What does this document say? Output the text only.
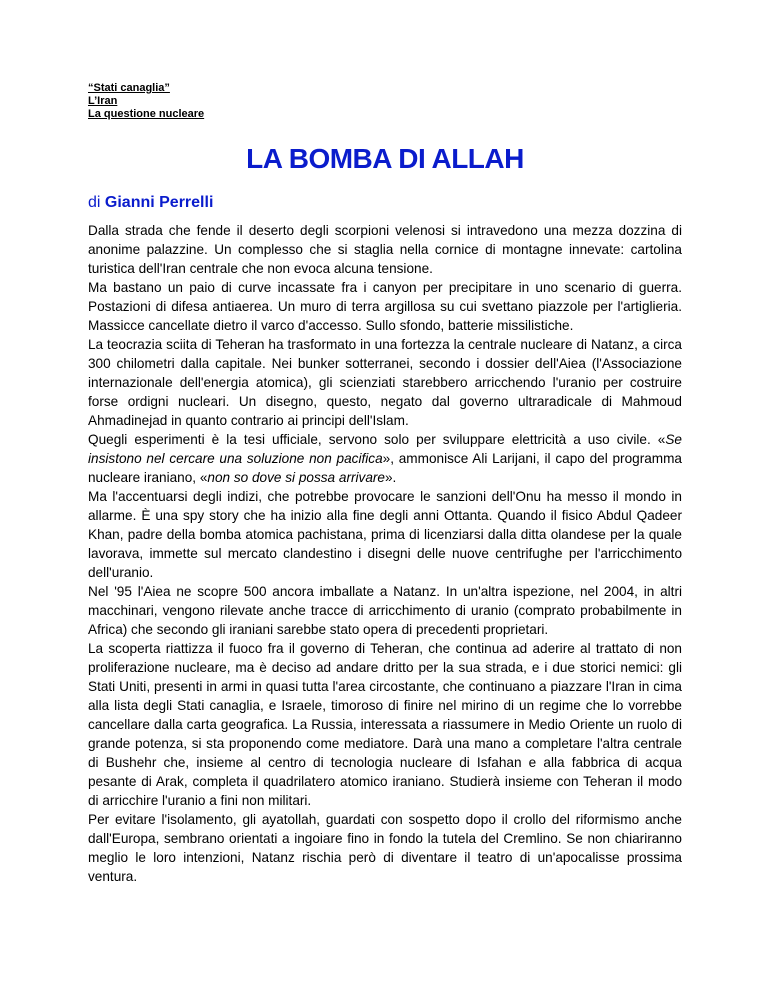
“Stati canaglia”
L’Iran
La questione nucleare
LA BOMBA DI ALLAH
di Gianni Perrelli

Dalla strada che fende il deserto degli scorpioni velenosi si intravedono una mezza dozzina di anonime palazzine. Un complesso che si staglia nella cornice di montagne innevate: cartolina turistica dell'Iran centrale che non evoca alcuna tensione.

Ma bastano un paio di curve incassate fra i canyon per precipitare in uno scenario di guerra. Postazioni di difesa antiaerea. Un muro di terra argillosa su cui svettano piazzole per l'artiglieria. Massicce cancellate dietro il varco d'accesso. Sullo sfondo, batterie missilistiche.

La teocrazia sciita di Teheran ha trasformato in una fortezza la centrale nucleare di Natanz, a circa 300 chilometri dalla capitale. Nei bunker sotterranei, secondo i dossier dell'Aiea (l'Associazione internazionale dell'energia atomica), gli scienziati starebbero arricchendo l'uranio per costruire forse ordigni nucleari. Un disegno, questo, negato dal governo ultraradicale di Mahmoud Ahmadinejad in quanto contrario ai principi dell'Islam.

Quegli esperimenti è la tesi ufficiale, servono solo per sviluppare elettricità a uso civile. «Se insistono nel cercare una soluzione non pacifica», ammonisce Ali Larijani, il capo del programma nucleare iraniano, «non so dove si possa arrivare».

Ma l'accentuarsi degli indizi, che potrebbe provocare le sanzioni dell'Onu ha messo il mondo in allarme. È una spy story che ha inizio alla fine degli anni Ottanta. Quando il fisico Abdul Qadeer Khan, padre della bomba atomica pachistana, prima di licenziarsi dalla ditta olandese per la quale lavorava, immette sul mercato clandestino i disegni delle nuove centrifughe per l'arricchimento dell'uranio.

Nel '95 l'Aiea ne scopre 500 ancora imballate a Natanz. In un'altra ispezione, nel 2004, in altri macchinari, vengono rilevate anche tracce di arricchimento di uranio (comprato probabilmente in Africa) che secondo gli iraniani sarebbe stato opera di precedenti proprietari.

La scoperta riattizza il fuoco fra il governo di Teheran, che continua ad aderire al trattato di non proliferazione nucleare, ma è deciso ad andare dritto per la sua strada, e i due storici nemici: gli Stati Uniti, presenti in armi in quasi tutta l'area circostante, che continuano a piazzare l'Iran in cima alla lista degli Stati canaglia, e Israele, timoroso di finire nel mirino di un regime che lo vorrebbe cancellare dalla carta geografica. La Russia, interessata a riassumere in Medio Oriente un ruolo di grande potenza, si sta proponendo come mediatore. Darà una mano a completare l'altra centrale di Bushehr che, insieme al centro di tecnologia nucleare di Isfahan e alla fabbrica di acqua pesante di Arak, completa il quadrilatero atomico iraniano. Studierà insieme con Teheran il modo di arricchire l'uranio a fini non militari.

Per evitare l'isolamento, gli ayatollah, guardati con sospetto dopo il crollo del riformismo anche dall'Europa, sembrano orientati a ingoiare fino in fondo la tutela del Cremlino. Se non chiariranno meglio le loro intenzioni, Natanz rischia però di diventare il teatro di un'apocalisse prossima ventura.
